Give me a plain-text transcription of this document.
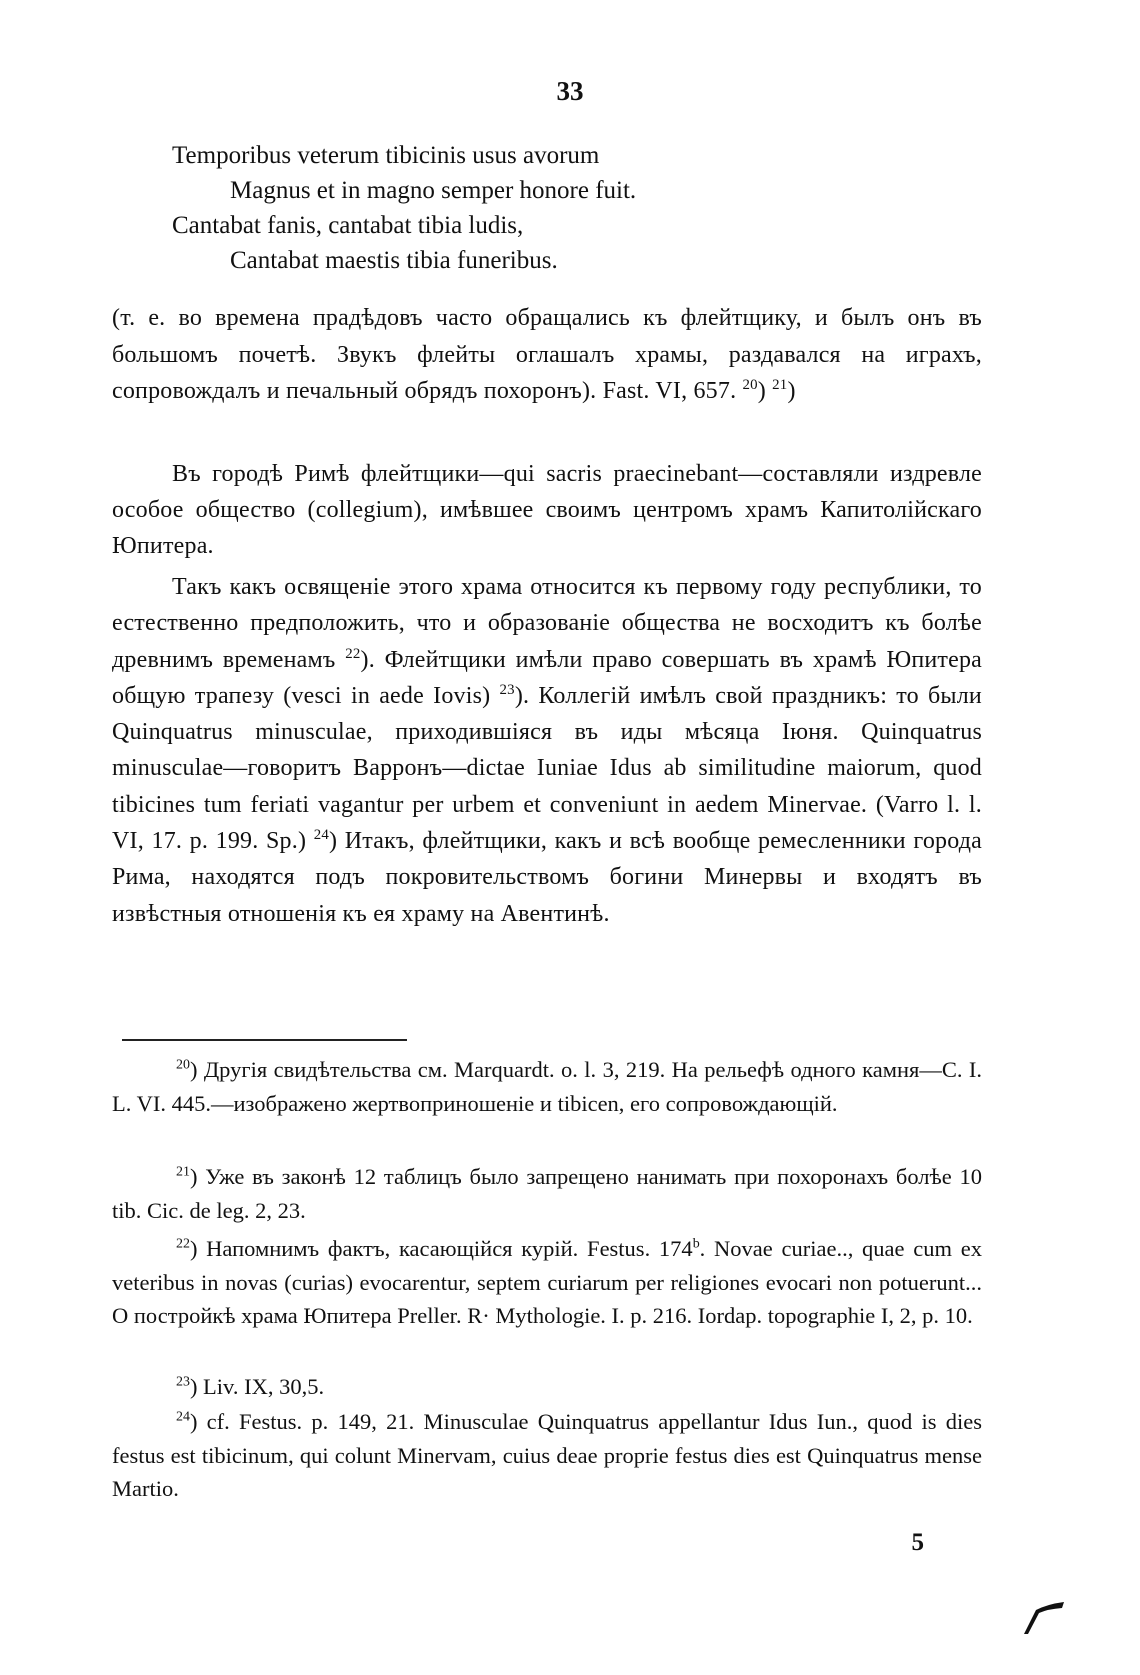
33
Temporibus veterum tibicinis usus avorum
Magnus et in magno semper honore fuit.
Cantabat fanis, cantabat tibia ludis,
Cantabat maestis tibia funeribus.
(т. е. во времена прадѣдовъ часто обращались къ флейтщику, и былъ онъ въ большомъ почетѣ. Звукъ флейты оглашалъ храмы, раздавался на играхъ, сопровождалъ и печальный обрядъ похоронъ). Fast. VI, 657. $^{20}$) $^{21}$)
Въ городѣ Римѣ флейтщики—qui sacris praecinebant—составляли издревле особое общество (collegium), имѣвшее своимъ центромъ храмъ Капитолійскаго Юпитера.
Такъ какъ освященіе этого храма относится къ первому году республики, то естественно предположить, что и образованіе общества не восходитъ къ болѣе древнимъ временамъ $^{22}$). Флейтщики имѣли право совершать въ храмѣ Юпитера общую трапезу (vesci in aede Iovis) $^{23}$). Коллегій имѣлъ свой праздникъ: то были Quinquatrus minusculae, приходившіяся въ иды мѣсяца Іюня. Quinquatrus minusculae—говоритъ Варронъ—dictae Iuniae Idus ab similitudine maiorum, quod tibicines tum feriati vagantur per urbem et conveniunt in aedem Minervae. (Varro l. l. VI, 17. p. 199. Sp.) $^{24}$) Итакъ, флейтщики, какъ и всѣ вообще ремесленники города Рима, находятся подъ покровительствомъ богини Минервы и входятъ въ извѣстныя отношенія къ ея храму на Авентинѣ.
$^{20}$) Другія свидѣтельства см. Marquardt. o. l. 3, 219. На рельефѣ одного камня—C. I. L. VI. 445.—изображено жертвоприношеніе и tibicen, его сопровождающій.
$^{21}$) Уже въ законѣ 12 таблицъ было запрещено нанимать при похоронахъ болѣе 10 tib. Cic. de leg. 2, 23.
$^{22}$) Напомнимъ фактъ, касающійся курій. Festus. 174$^b$. Novae curiae.., quae cum ex veteribus in novas (curias) evocarentur, septem curiarum per religiones evocari non potuerunt... О постройкѣ храма Юпитера Preller. R· Mythologie. I. p. 216. Iordap. topographie I, 2, p. 10.
$^{23}$) Liv. IX, 30,5.
$^{24}$) cf. Festus. p. 149, 21. Minusculae Quinquatrus appellantur Idus Iun., quod is dies festus est tibicinum, qui colunt Minervam, cuius deae proprie festus dies est Quinquatrus mense Martio.
5
